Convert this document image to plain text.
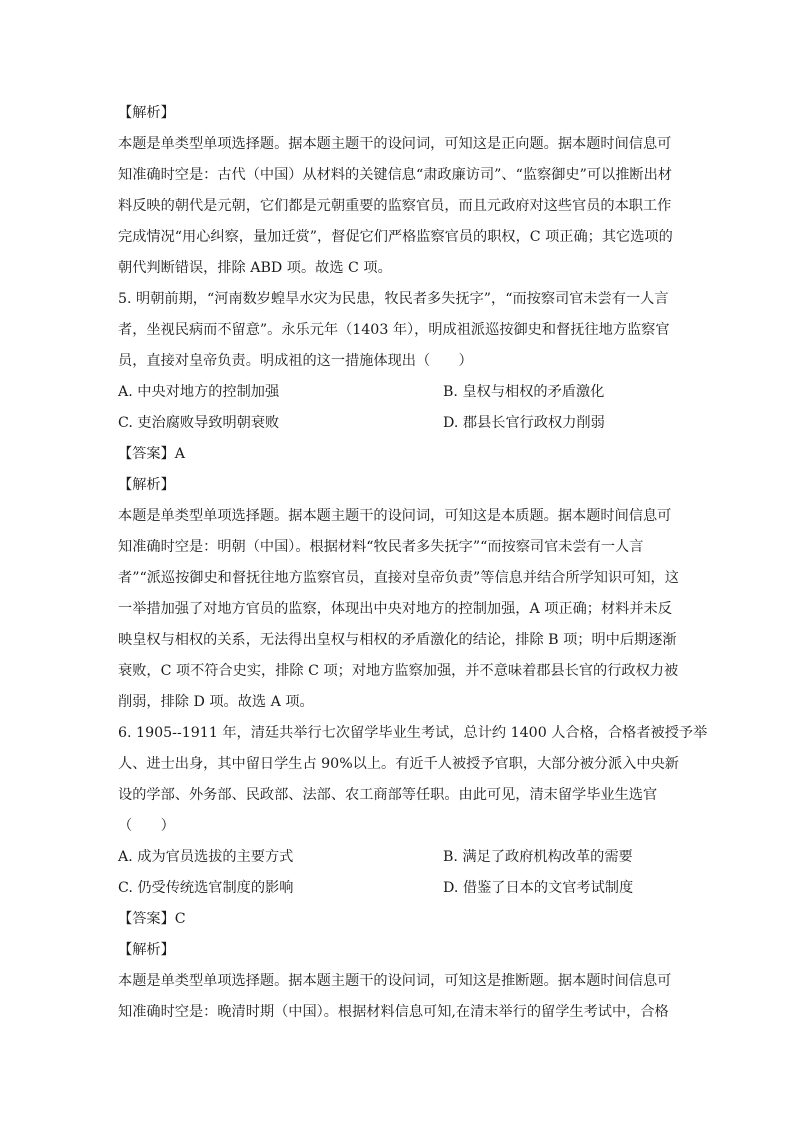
【解析】
本题是单类型单项选择题。据本题主题干的设问词，可知这是正向题。据本题时间信息可
知准确时空是：古代（中国）从材料的关键信息“肃政廉访司”、“监察御史”可以推断出材
料反映的朝代是元朝，它们都是元朝重要的监察官员，而且元政府对这些官员的本职工作
完成情况“用心纠察，量加迁赏”，督促它们严格监察官员的职权，C 项正确；其它选项的
朝代判断错误，排除 ABD 项。故选 C 项。
5. 明朝前期，“河南数岁蝗旱水灾为民患，牧民者多失抚字”，“而按察司官未尝有一人言
者，坐视民病而不留意”。永乐元年（1403 年），明成祖派巡按御史和督抚往地方监察官
员，直接对皇帝负责。明成祖的这一措施体现出（　　）
A. 中央对地方的控制加强	B. 皇权与相权的矛盾激化
C. 吏治腐败导致明朝衰败	D. 郡县长官行政权力削弱
【答案】A
【解析】
本题是单类型单项选择题。据本题主题干的设问词，可知这是本质题。据本题时间信息可
知准确时空是：明朝（中国）。根据材料“牧民者多失抚字”“而按察司官未尝有一人言
者”“派巡按御史和督抚往地方监察官员，直接对皇帝负责”等信息并结合所学知识可知，这
一举措加强了对地方官员的监察，体现出中央对地方的控制加强，A 项正确；材料并未反
映皇权与相权的关系，无法得出皇权与相权的矛盾激化的结论，排除 B 项；明中后期逐渐
衰败，C 项不符合史实，排除 C 项；对地方监察加强，并不意味着郡县长官的行政权力被
削弱，排除 D 项。故选 A 项。
6. 1905--1911 年，清廷共举行七次留学毕业生考试，总计约 1400 人合格，合格者被授予举
人、进士出身，其中留日学生占 90%以上。有近千人被授予官职，大部分被分派入中央新
设的学部、外务部、民政部、法部、农工商部等任职。由此可见，清末留学毕业生选官
（　　）
A. 成为官员选拔的主要方式	B. 满足了政府机构改革的需要
C. 仍受传统选官制度的影响	D. 借鉴了日本的文官考试制度
【答案】C
【解析】
本题是单类型单项选择题。据本题主题干的设问词，可知这是推断题。据本题时间信息可
知准确时空是：晚清时期（中国）。根据材料信息可知,在清末举行的留学生考试中，合格
